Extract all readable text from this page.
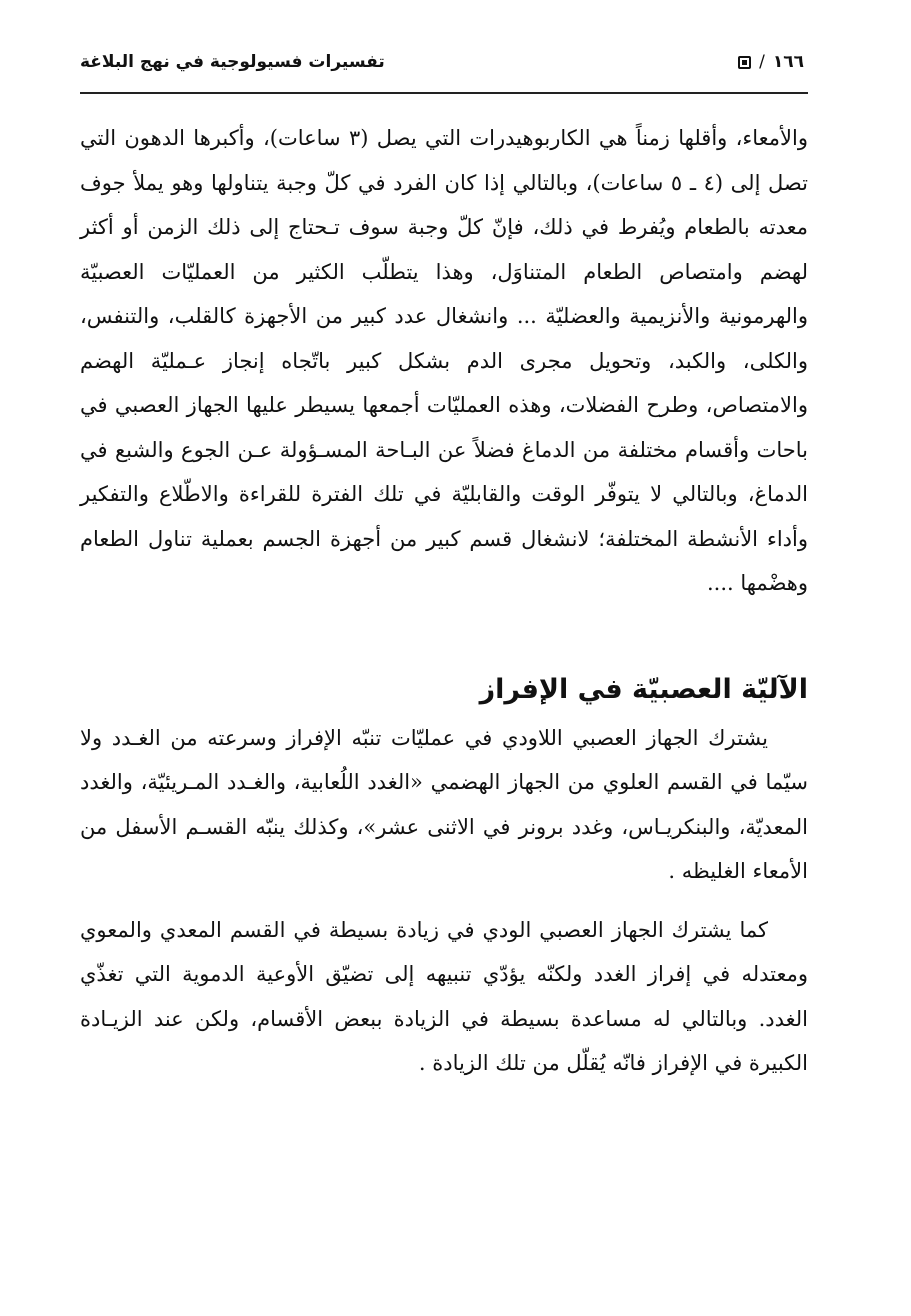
١٦٦
/
تفسيرات فسيولوجية في نهج البلاغة

والأمعاء، وأقلها زمناً هي الكاربوهيدرات التي يصل (٣ ساعات)، وأكبرها الدهون التي تصل إلى (٤ ـ ٥ ساعات)، وبالتالي إذا كان الفرد في كلّ وجبة يتناولها وهو يملأ جوف معدته بالطعام ويُفرط في ذلك، فإنّ كلّ وجبة سوف تـحتاج إلى ذلك الزمن أو أكثر لهضم وامتصاص الطعام المتناوَل، وهذا يتطلّب الكثير من العمليّات العصبيّة والهرمونية والأنزيمية والعضليّة ... وانشغال عدد كبير من الأجهزة كالقلب، والتنفس، والكلى، والكبد، وتحويل مجرى الدم بشكل كبير باتّجاه إنجاز عـمليّة الهضم والامتصاص، وطرح الفضلات، وهذه العمليّات أجمعها يسيطر عليها الجهاز العصبي في باحات وأقسام مختلفة من الدماغ فضلاً عن البـاحة المسـؤولة عـن الجوع والشبع في الدماغ، وبالتالي لا يتوفّر الوقت والقابليّة في تلك الفترة للقراءة والاطّلاع والتفكير وأداء الأنشطة المختلفة؛ لانشغال قسم كبير من أجهزة الجسم بعملية تناول الطعام وهضْمها ....

الآليّة العصبيّة في الإفراز

يشترك الجهاز العصبي اللاودي في عمليّات تنبّه الإفراز وسرعته من الغـدد ولا سيّما في القسم العلوي من الجهاز الهضمي «الغدد اللُعابية، والغـدد المـريئيّة، والغدد المعديّة، والبنكريـاس، وغدد برونر في الاثنى عشر»، وكذلك ينبّه القسـم الأسفل من الأمعاء الغليظه .

كما يشترك الجهاز العصبي الودي في زيادة بسيطة في القسم المعدي والمعوي ومعتدله في إفراز الغدد ولكنّه يؤدّي تنبيهه إلى تضيّق الأوعية الدموية التي تغذّي الغدد. وبالتالي له مساعدة بسيطة في الزيادة ببعض الأقسام، ولكن عند الزيـادة الكبيرة في الإفراز فانّه يُقلّل من تلك الزيادة .
